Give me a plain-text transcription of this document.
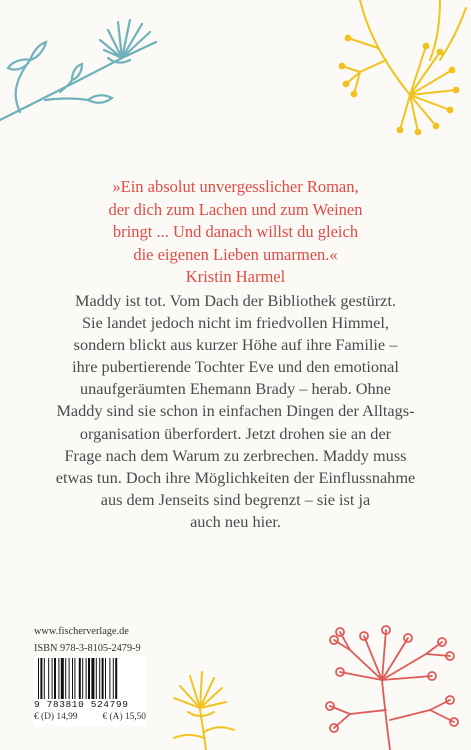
»Ein absolut unvergesslicher Roman,
der dich zum Lachen und zum Weinen
bringt ... Und danach willst du gleich
die eigenen Lieben umarmen.«
Kristin Harmel
Maddy ist tot. Vom Dach der Bibliothek gestürzt.
Sie landet jedoch nicht im friedvollen Himmel,
sondern blickt aus kurzer Höhe auf ihre Familie –
ihre pubertierende Tochter Eve und den emotional
unaufgeräumten Ehemann Brady – herab. Ohne
Maddy sind sie schon in einfachen Dingen der Alltags-
organisation überfordert. Jetzt drohen sie an der
Frage nach dem Warum zu zerbrechen. Maddy muss
etwas tun. Doch ihre Möglichkeiten der Einflussnahme
aus dem Jenseits sind begrenzt – sie ist ja
auch neu hier.
www.fischerverlage.de
ISBN 978-3-8105-2479-9
9 783810 524799
€ (D) 14,99	€ (A) 15,50
